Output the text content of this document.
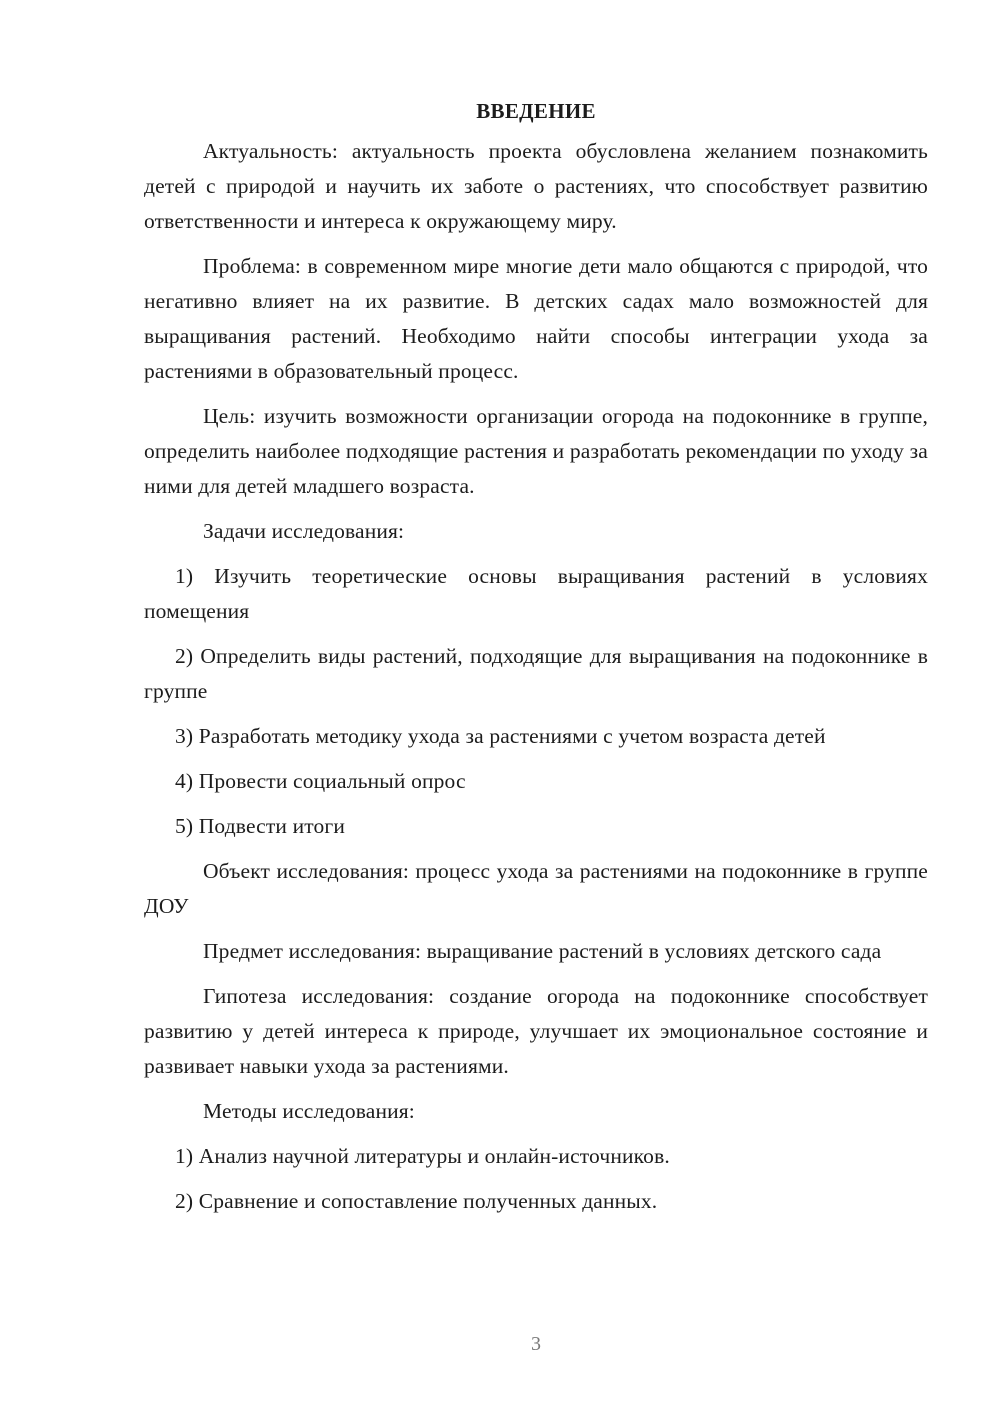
ВВЕДЕНИЕ

Актуальность: актуальность проекта обусловлена желанием познакомить детей с природой и научить их заботе о растениях, что способствует развитию ответственности и интереса к окружающему миру.

Проблема: в современном мире многие дети мало общаются с природой, что негативно влияет на их развитие. В детских садах мало возможностей для выращивания растений. Необходимо найти способы интеграции ухода за растениями в образовательный процесс.

Цель: изучить возможности организации огорода на подоконнике в группе, определить наиболее подходящие растения и разработать рекомендации по уходу за ними для детей младшего возраста.

Задачи исследования:

1) Изучить теоретические основы выращивания растений в условиях помещения

2) Определить виды растений, подходящие для выращивания на подоконнике в группе

3) Разработать методику ухода за растениями с учетом возраста детей

4) Провести социальный опрос

5) Подвести итоги

Объект исследования: процесс ухода за растениями на подоконнике в группе ДОУ

Предмет исследования: выращивание растений в условиях детского сада

Гипотеза исследования: создание огорода на подоконнике способствует развитию у детей интереса к природе, улучшает их эмоциональное состояние и развивает навыки ухода за растениями.

Методы исследования:

1) Анализ научной литературы и онлайн-источников.

2) Сравнение и сопоставление полученных данных.

3
